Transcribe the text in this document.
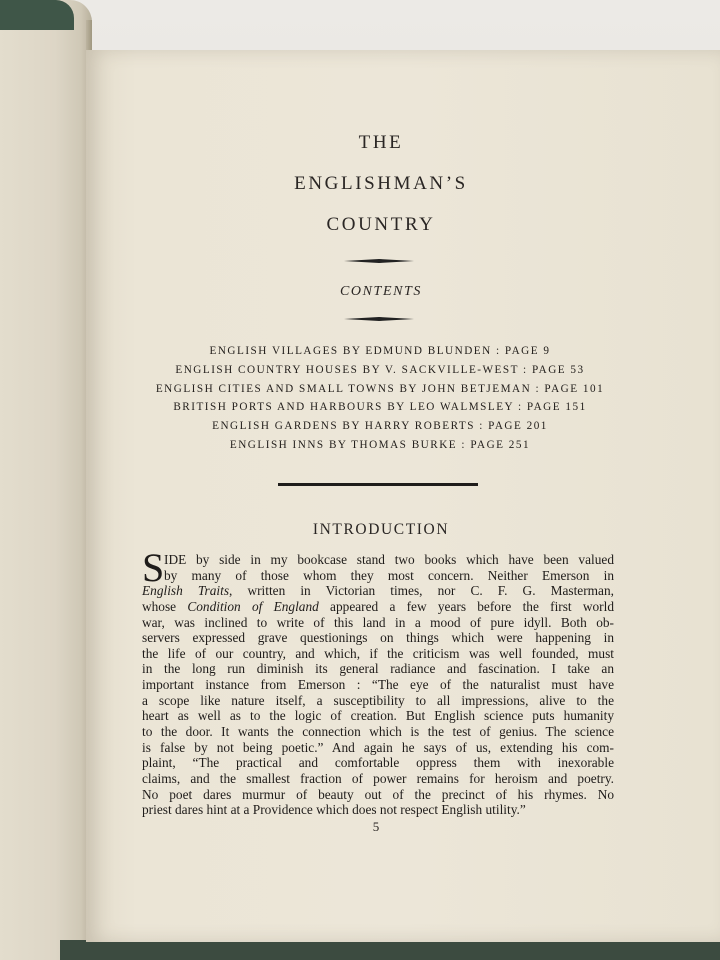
THE
ENGLISHMAN’S
COUNTRY
CONTENTS
ENGLISH VILLAGES BY EDMUND BLUNDEN : PAGE 9
ENGLISH COUNTRY HOUSES BY V. SACKVILLE-WEST : PAGE 53
ENGLISH CITIES AND SMALL TOWNS BY JOHN BETJEMAN : PAGE 101
BRITISH PORTS AND HARBOURS BY LEO WALMSLEY : PAGE 151
ENGLISH GARDENS BY HARRY ROBERTS : PAGE 201
ENGLISH INNS BY THOMAS BURKE : PAGE 251
INTRODUCTION
S IDE by side in my bookcase stand two books which have been valued
by many of those whom they most concern. Neither Emerson in
English Traits, written in Victorian times, nor C. F. G. Masterman,
whose Condition of England appeared a few years before the first world
war, was inclined to write of this land in a mood of pure idyll. Both ob-
servers expressed grave questionings on things which were happening in
the life of our country, and which, if the criticism was well founded, must
in the long run diminish its general radiance and fascination. I take an
important instance from Emerson : “The eye of the naturalist must have
a scope like nature itself, a susceptibility to all impressions, alive to the
heart as well as to the logic of creation. But English science puts humanity
to the door. It wants the connection which is the test of genius. The science
is false by not being poetic.” And again he says of us, extending his com-
plaint, “The practical and comfortable oppress them with inexorable
claims, and the smallest fraction of power remains for heroism and poetry.
No poet dares murmur of beauty out of the precinct of his rhymes. No
priest dares hint at a Providence which does not respect English utility.”
5
